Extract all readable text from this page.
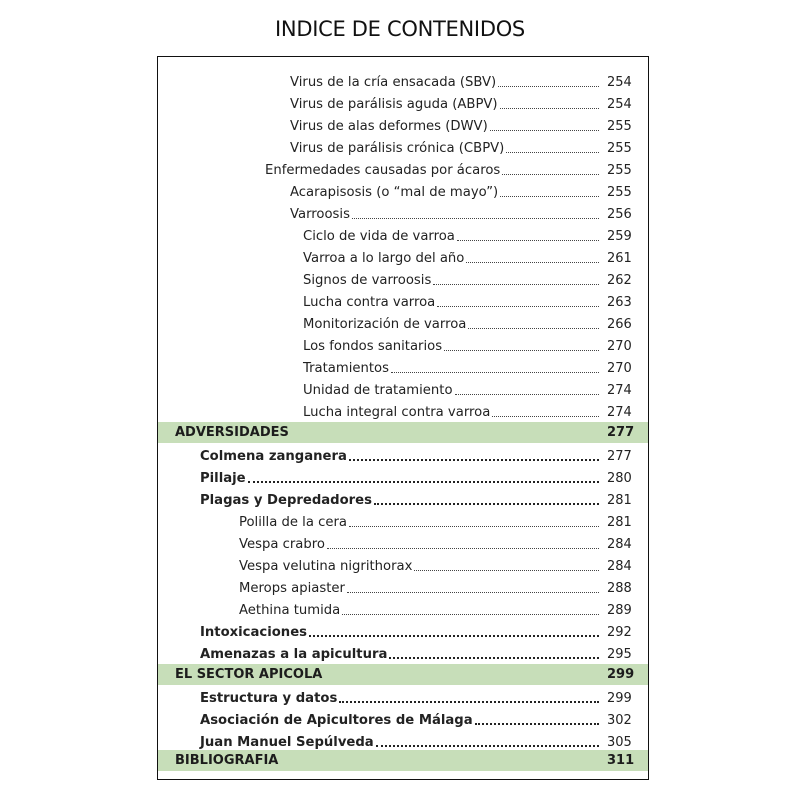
INDICE DE CONTENIDOS
Virus de la cría ensacada (SBV)	254
Virus de parálisis aguda (ABPV)	254
Virus de alas deformes (DWV)	255
Virus de parálisis crónica (CBPV)	255
Enfermedades causadas por ácaros	255
Acarapisosis (o “mal de mayo”)	255
Varroosis	256
Ciclo de vida de varroa	259
Varroa a lo largo del año	261
Signos de varroosis	262
Lucha contra varroa	263
Monitorización de varroa	266
Los fondos sanitarios	270
Tratamientos	270
Unidad de tratamiento	274
Lucha integral contra varroa	274
ADVERSIDADES	277
Colmena zanganera	277
Pillaje	280
Plagas y Depredadores	281
Polilla de la cera	281
Vespa crabro	284
Vespa velutina nigrithorax	284
Merops apiaster	288
Aethina tumida	289
Intoxicaciones	292
Amenazas a la apicultura	295
EL SECTOR APICOLA	299
Estructura y datos	299
Asociación de Apicultores de Málaga	302
Juan Manuel Sepúlveda	305
BIBLIOGRAFIA	311
